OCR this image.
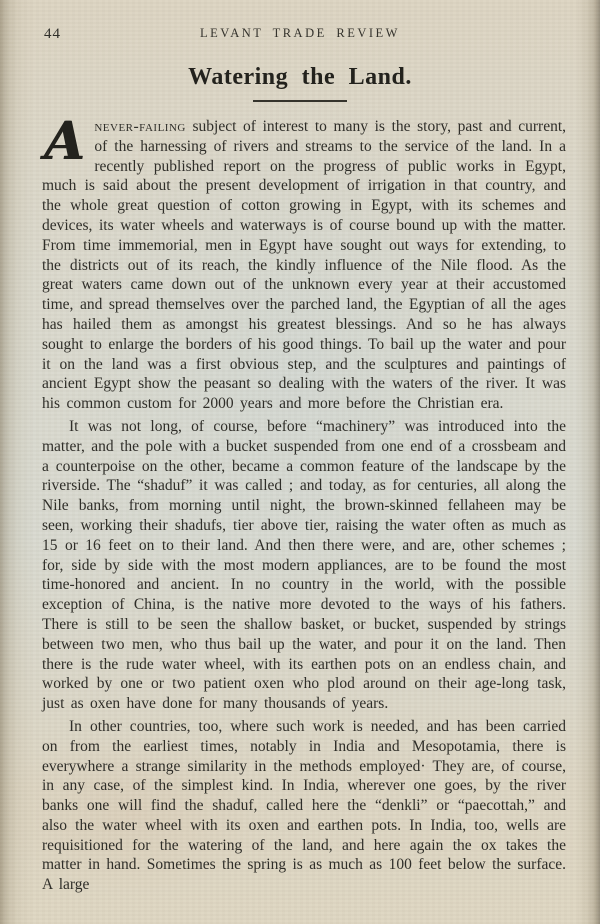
44	LEVANT TRADE REVIEW
Watering the Land.

A never-failing subject of interest to many is the story, past and current, of the harnessing of rivers and streams to the service of the land. In a recently published report on the progress of public works in Egypt, much is said about the present development of irrigation in that country, and the whole great question of cotton growing in Egypt, with its schemes and devices, its water wheels and waterways is of course bound up with the matter. From time immemorial, men in Egypt have sought out ways for extending, to the districts out of its reach, the kindly influence of the Nile flood. As the great waters came down out of the unknown every year at their accustomed time, and spread themselves over the parched land, the Egyptian of all the ages has hailed them as amongst his greatest blessings. And so he has always sought to enlarge the borders of his good things. To bail up the water and pour it on the land was a first obvious step, and the sculptures and paintings of ancient Egypt show the peasant so dealing with the waters of the river. It was his common custom for 2000 years and more before the Christian era.

It was not long, of course, before “machinery” was introduced into the matter, and the pole with a bucket suspended from one end of a crossbeam and a counterpoise on the other, became a common feature of the landscape by the riverside. The “shaduf” it was called ; and today, as for centuries, all along the Nile banks, from morning until night, the brown-skinned fellaheen may be seen, working their shadufs, tier above tier, raising the water often as much as 15 or 16 feet on to their land. And then there were, and are, other schemes ; for, side by side with the most modern appliances, are to be found the most time-honored and ancient. In no country in the world, with the possible exception of China, is the native more devoted to the ways of his fathers. There is still to be seen the shallow basket, or bucket, suspended by strings between two men, who thus bail up the water, and pour it on the land. Then there is the rude water wheel, with its earthen pots on an endless chain, and worked by one or two patient oxen who plod around on their age-long task, just as oxen have done for many thousands of years.

In other countries, too, where such work is needed, and has been carried on from the earliest times, notably in India and Mesopotamia, there is everywhere a strange similarity in the methods employed· They are, of course, in any case, of the simplest kind. In India, wherever one goes, by the river banks one will find the shaduf, called here the “denkli” or “paecottah,” and also the water wheel with its oxen and earthen pots. In India, too, wells are requisitioned for the watering of the land, and here again the ox takes the matter in hand. Sometimes the spring is as much as 100 feet below the surface. A large
